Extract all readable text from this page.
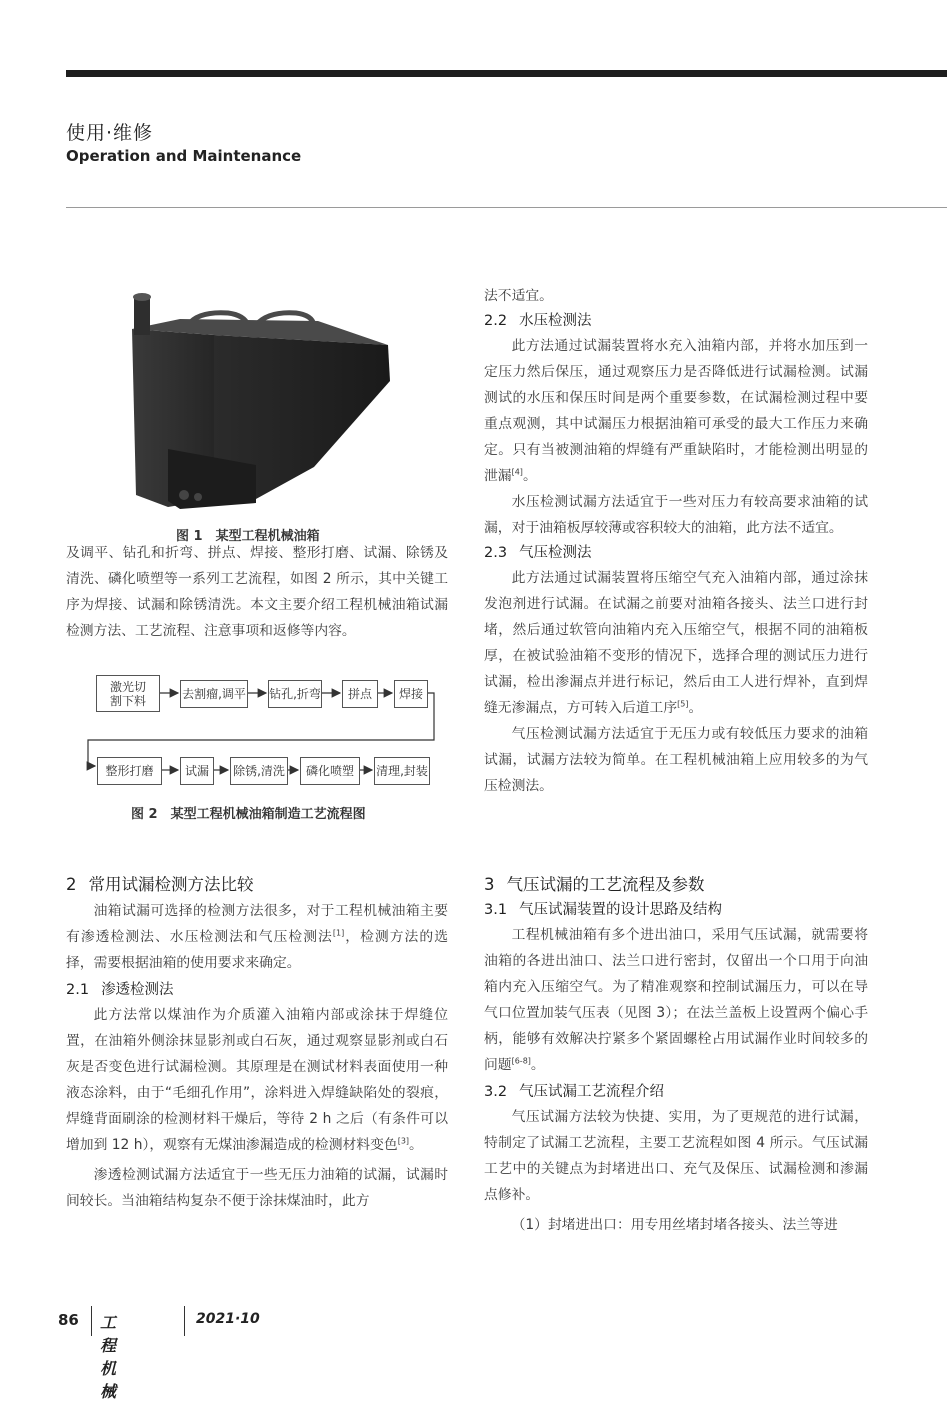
使用·维修
Operation and Maintenance
图 1　某型工程机械油箱
激光切
割下料	去割瘤,调平 钻孔,折弯	拼点	焊接
整形打磨	试漏	除锈,清洗	磷化喷塑	清理,封装
图 2　某型工程机械油箱制造工艺流程图

及调平、钻孔和折弯、拼点、焊接、整形打磨、试漏、除锈及清洗、磷化喷塑等一系列工艺流程，如图 2 所示，其中关键工序为焊接、试漏和除锈清洗。本文主要介绍工程机械油箱试漏检测方法、工艺流程、注意事项和返修等内容。

2 常用试漏检测方法比较

油箱试漏可选择的检测方法很多，对于工程机械油箱主要有渗透检测法、水压检测法和气压检测法[1]，检测方法的选择，需要根据油箱的使用要求来确定。

2.1 渗透检测法

此方法常以煤油作为介质灌入油箱内部或涂抹于焊缝位置，在油箱外侧涂抹显影剂或白石灰，通过观察显影剂或白石灰是否变色进行试漏检测。其原理是在测试材料表面使用一种液态涂料，由于“毛细孔作用”，涂料进入焊缝缺陷处的裂痕，焊缝背面刷涂的检测材料干燥后，等待 2 h 之后（有条件可以增加到 12 h），观察有无煤油渗漏造成的检测材料变色[3]。

渗透检测试漏方法适宜于一些无压力油箱的试漏，试漏时间较长。当油箱结构复杂不便于涂抹煤油时，此方

法不适宜。

2.2 水压检测法

此方法通过试漏装置将水充入油箱内部，并将水加压到一定压力然后保压，通过观察压力是否降低进行试漏检测。试漏测试的水压和保压时间是两个重要参数，在试漏检测过程中要重点观测，其中试漏压力根据油箱可承受的最大工作压力来确定。只有当被测油箱的焊缝有严重缺陷时，才能检测出明显的泄漏[4]。

水压检测试漏方法适宜于一些对压力有较高要求油箱的试漏，对于油箱板厚较薄或容积较大的油箱，此方法不适宜。

2.3 气压检测法

此方法通过试漏装置将压缩空气充入油箱内部，通过涂抹发泡剂进行试漏。在试漏之前要对油箱各接头、法兰口进行封堵，然后通过软管向油箱内充入压缩空气，根据不同的油箱板厚，在被试验油箱不变形的情况下，选择合理的测试压力进行试漏，检出渗漏点并进行标记，然后由工人进行焊补，直到焊缝无渗漏点，方可转入后道工序[5]。

气压检测试漏方法适宜于无压力或有较低压力要求的油箱试漏，试漏方法较为简单。在工程机械油箱上应用较多的为气压检测法。

3 气压试漏的工艺流程及参数
3.1 气压试漏装置的设计思路及结构

工程机械油箱有多个进出油口，采用气压试漏，就需要将油箱的各进出油口、法兰口进行密封，仅留出一个口用于向油箱内充入压缩空气。为了精准观察和控制试漏压力，可以在导气口位置加装气压表（见图 3）；在法兰盖板上设置两个偏心手柄，能够有效解决拧紧多个紧固螺栓占用试漏作业时间较多的问题[6-8]。

3.2 气压试漏工艺流程介绍

气压试漏方法较为快捷、实用，为了更规范的进行试漏，特制定了试漏工艺流程，主要工艺流程如图 4 所示。气压试漏工艺中的关键点为封堵进出口、充气及保压、试漏检测和渗漏点修补。

（1）封堵进出口：用专用丝堵封堵各接头、法兰等进

86 工程机械
2021·10
